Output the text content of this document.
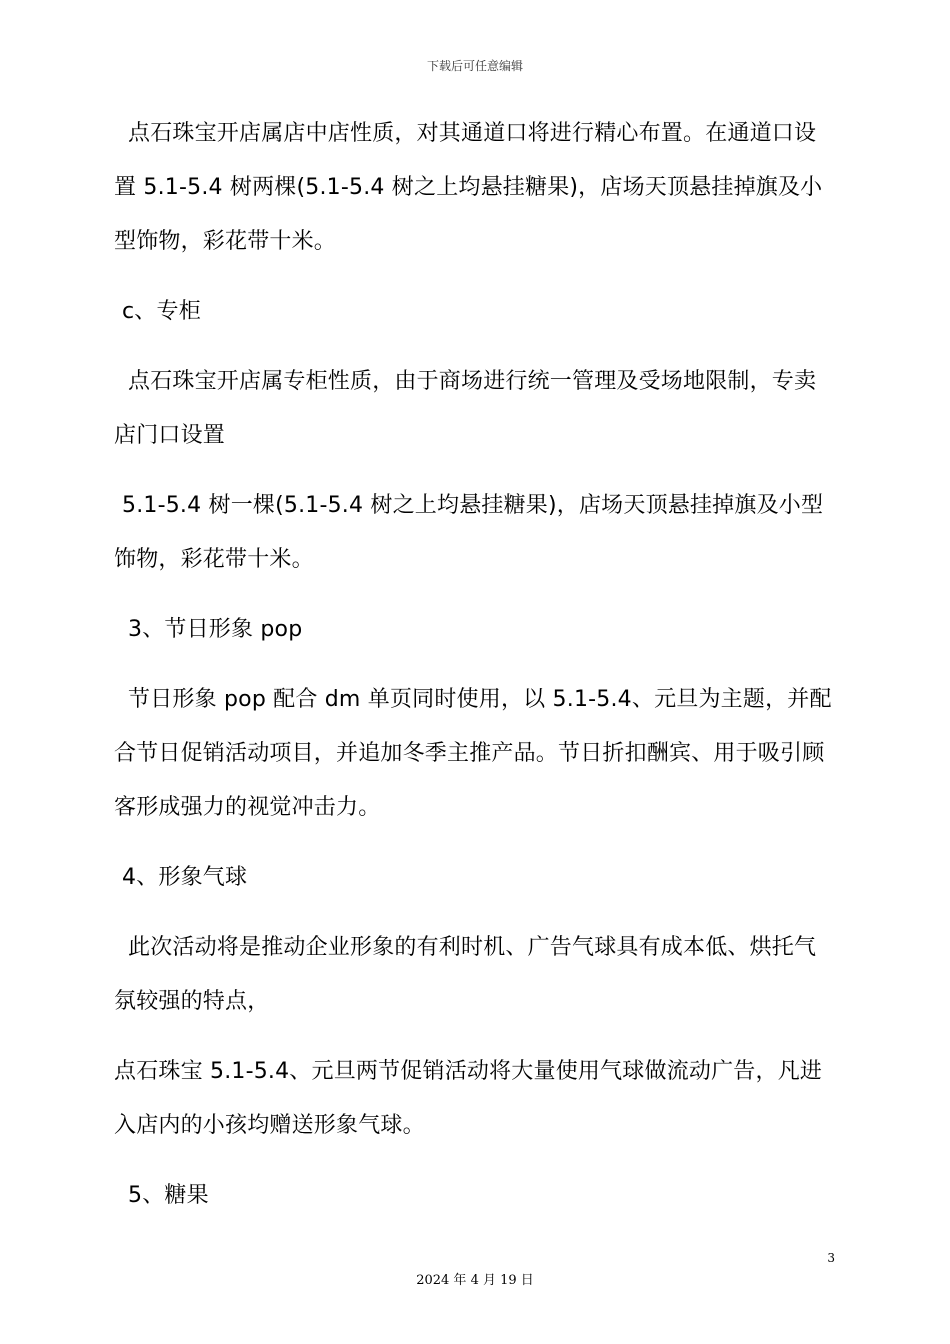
下载后可任意编辑

点石珠宝开店属店中店性质，对其通道口将进行精心布置。在通道口设置 5.1-5.4 树两棵(5.1-5.4 树之上均悬挂糖果)，店场天顶悬挂掉旗及小型饰物，彩花带十米。

c、专柜

点石珠宝开店属专柜性质，由于商场进行统一管理及受场地限制，专卖店门口设置

5.1-5.4 树一棵(5.1-5.4 树之上均悬挂糖果)，店场天顶悬挂掉旗及小型饰物，彩花带十米。

3、节日形象 pop

节日形象 pop 配合 dm 单页同时使用，以 5.1-5.4、元旦为主题，并配合节日促销活动项目，并追加冬季主推产品。节日折扣酬宾、用于吸引顾客形成强力的视觉冲击力。

4、形象气球

此次活动将是推动企业形象的有利时机、广告气球具有成本低、烘托气氛较强的特点，

点石珠宝 5.1-5.4、元旦两节促销活动将大量使用气球做流动广告，凡进入店内的小孩均赠送形象气球。

5、糖果

3
2024 年 4 月 19 日
